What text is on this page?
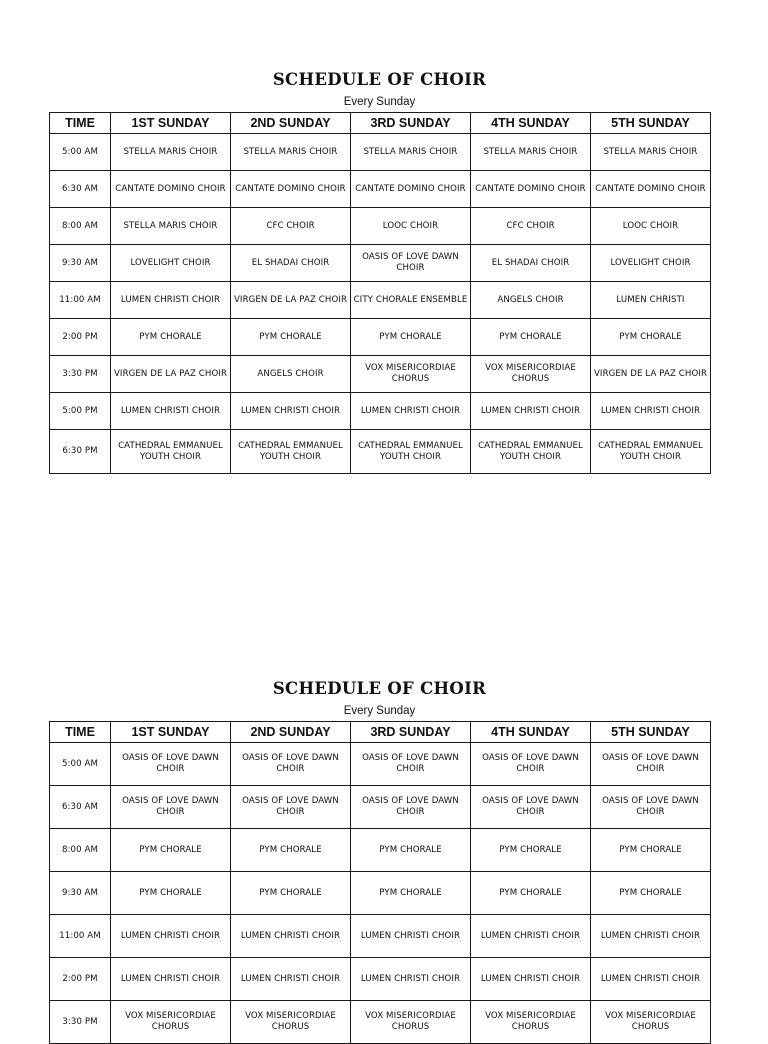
SCHEDULE OF CHOIR
Every Sunday
TIME	1ST SUNDAY	2ND SUNDAY	3RD SUNDAY	4TH SUNDAY	5TH SUNDAY
5:00 AM	STELLA MARIS CHOIR	STELLA MARIS CHOIR	STELLA MARIS CHOIR	STELLA MARIS CHOIR	STELLA MARIS CHOIR
6:30 AM	CANTATE DOMINO CHOIR	CANTATE DOMINO CHOIR	CANTATE DOMINO CHOIR	CANTATE DOMINO CHOIR	CANTATE DOMINO CHOIR
8:00 AM	STELLA MARIS CHOIR	CFC CHOIR	LOOC CHOIR	CFC CHOIR	LOOC CHOIR
9:30 AM	LOVELIGHT CHOIR	EL SHADAI CHOIR	OASIS OF LOVE DAWN CHOIR	EL SHADAI CHOIR	LOVELIGHT CHOIR
11:00 AM	LUMEN CHRISTI CHOIR	VIRGEN DE LA PAZ CHOIR	CITY CHORALE ENSEMBLE	ANGELS CHOIR	LUMEN CHRISTI
2:00 PM	PYM CHORALE	PYM CHORALE	PYM CHORALE	PYM CHORALE	PYM CHORALE
3:30 PM	VIRGEN DE LA PAZ CHOIR	ANGELS CHOIR	VOX MISERICORDIAE CHORUS	VOX MISERICORDIAE CHORUS	VIRGEN DE LA PAZ CHOIR
5:00 PM	LUMEN CHRISTI CHOIR	LUMEN CHRISTI CHOIR	LUMEN CHRISTI CHOIR	LUMEN CHRISTI CHOIR	LUMEN CHRISTI CHOIR
6:30 PM	CATHEDRAL EMMANUEL YOUTH CHOIR	CATHEDRAL EMMANUEL YOUTH CHOIR	CATHEDRAL EMMANUEL YOUTH CHOIR	CATHEDRAL EMMANUEL YOUTH CHOIR	CATHEDRAL EMMANUEL YOUTH CHOIR
SCHEDULE OF CHOIR
Every Sunday
TIME	1ST SUNDAY	2ND SUNDAY	3RD SUNDAY	4TH SUNDAY	5TH SUNDAY
5:00 AM	OASIS OF LOVE DAWN CHOIR	OASIS OF LOVE DAWN CHOIR	OASIS OF LOVE DAWN CHOIR	OASIS OF LOVE DAWN CHOIR	OASIS OF LOVE DAWN CHOIR
6:30 AM	OASIS OF LOVE DAWN CHOIR	OASIS OF LOVE DAWN CHOIR	OASIS OF LOVE DAWN CHOIR	OASIS OF LOVE DAWN CHOIR	OASIS OF LOVE DAWN CHOIR
8:00 AM	PYM CHORALE	PYM CHORALE	PYM CHORALE	PYM CHORALE	PYM CHORALE
9:30 AM	PYM CHORALE	PYM CHORALE	PYM CHORALE	PYM CHORALE	PYM CHORALE
11:00 AM	LUMEN CHRISTI CHOIR	LUMEN CHRISTI CHOIR	LUMEN CHRISTI CHOIR	LUMEN CHRISTI CHOIR	LUMEN CHRISTI CHOIR
2:00 PM	LUMEN CHRISTI CHOIR	LUMEN CHRISTI CHOIR	LUMEN CHRISTI CHOIR	LUMEN CHRISTI CHOIR	LUMEN CHRISTI CHOIR
3:30 PM	VOX MISERICORDIAE CHORUS	VOX MISERICORDIAE CHORUS	VOX MISERICORDIAE CHORUS	VOX MISERICORDIAE CHORUS	VOX MISERICORDIAE CHORUS
